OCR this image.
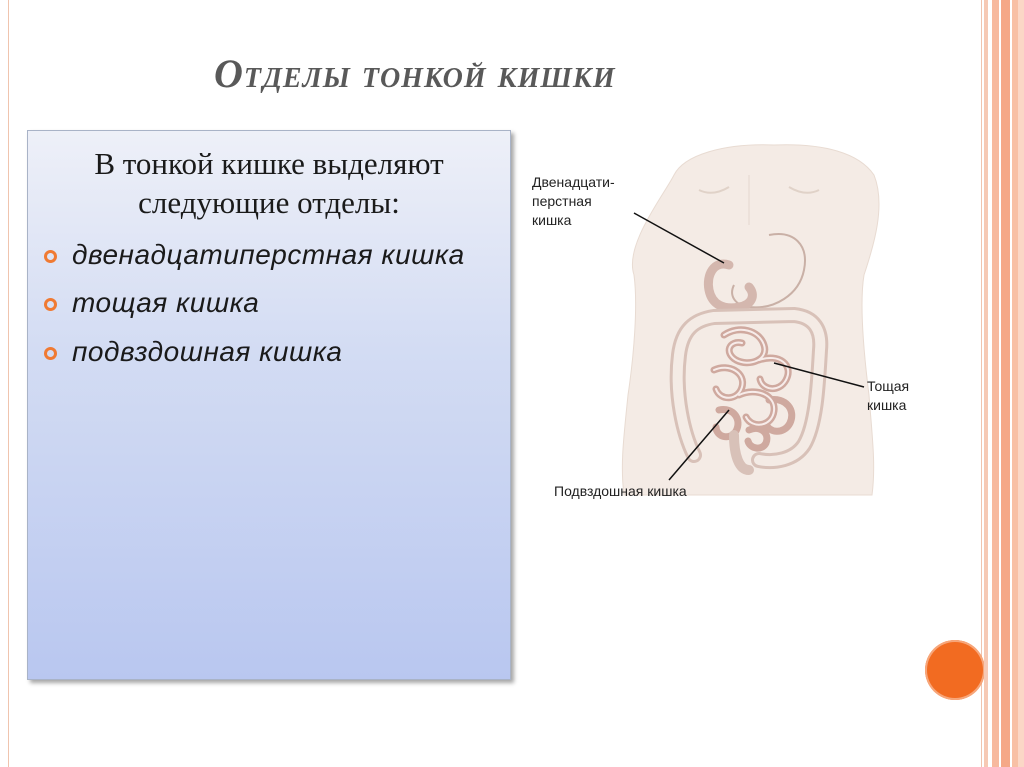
Отделы тонкой кишки

В тонкой кишке выделяют следующие отделы:

двенадцатиперстная кишка
тощая кишка
подвздошная кишка
Двенадцати-
перстная
кишка
Тощая
кишка
Подвздошная кишка
